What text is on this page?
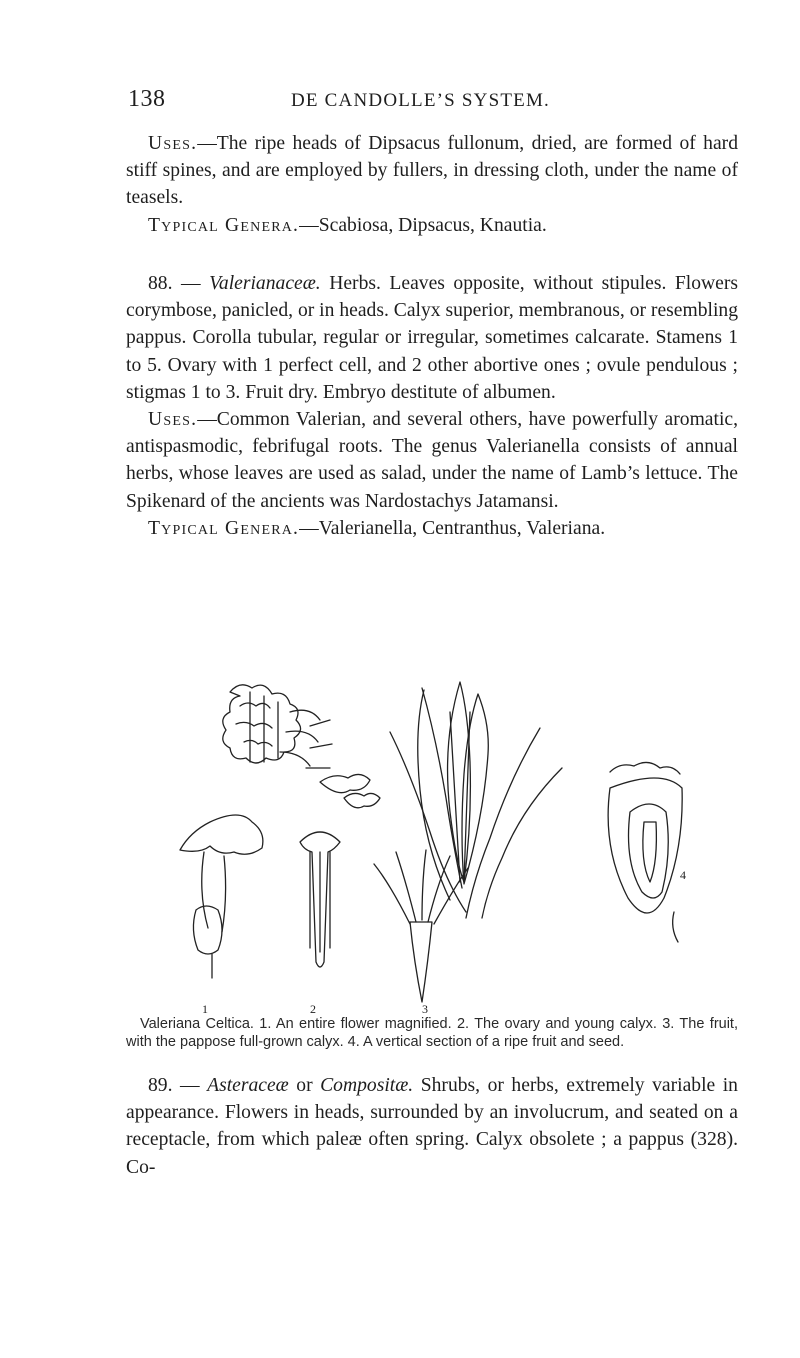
138	DE CANDOLLE’S SYSTEM.

Uses.—The ripe heads of Dipsacus fullonum, dried, are formed of hard stiff spines, and are employed by fullers, in dressing cloth, under the name of teasels.

Typical Genera.—Scabiosa, Dipsacus, Knautia.

88. — Valerianaceæ. Herbs. Leaves opposite, without stipules. Flowers corymbose, panicled, or in heads. Calyx superior, membranous, or resembling pappus. Corolla tubular, regular or irregular, sometimes calcarate. Stamens 1 to 5. Ovary with 1 perfect cell, and 2 other abortive ones ; ovule pendulous ; stigmas 1 to 3. Fruit dry. Embryo destitute of albumen.

Uses.—Common Valerian, and several others, have powerfully aromatic, antispasmodic, febrifugal roots. The genus Valerianella consists of annual herbs, whose leaves are used as salad, under the name of Lamb’s lettuce. The Spikenard of the ancients was Nardostachys Jatamansi.

Typical Genera.—Valerianella, Centranthus, Valeriana.

1	2	3
4

Valeriana Celtica. 1. An entire flower magnified. 2. The ovary and young calyx. 3. The fruit, with the pappose full-grown calyx. 4. A vertical section of a ripe fruit and seed.

89. — Asteraceæ or Compositæ. Shrubs, or herbs, extremely variable in appearance. Flowers in heads, surrounded by an involucrum, and seated on a receptacle, from which paleæ often spring. Calyx obsolete ; a pappus (328). Co-
